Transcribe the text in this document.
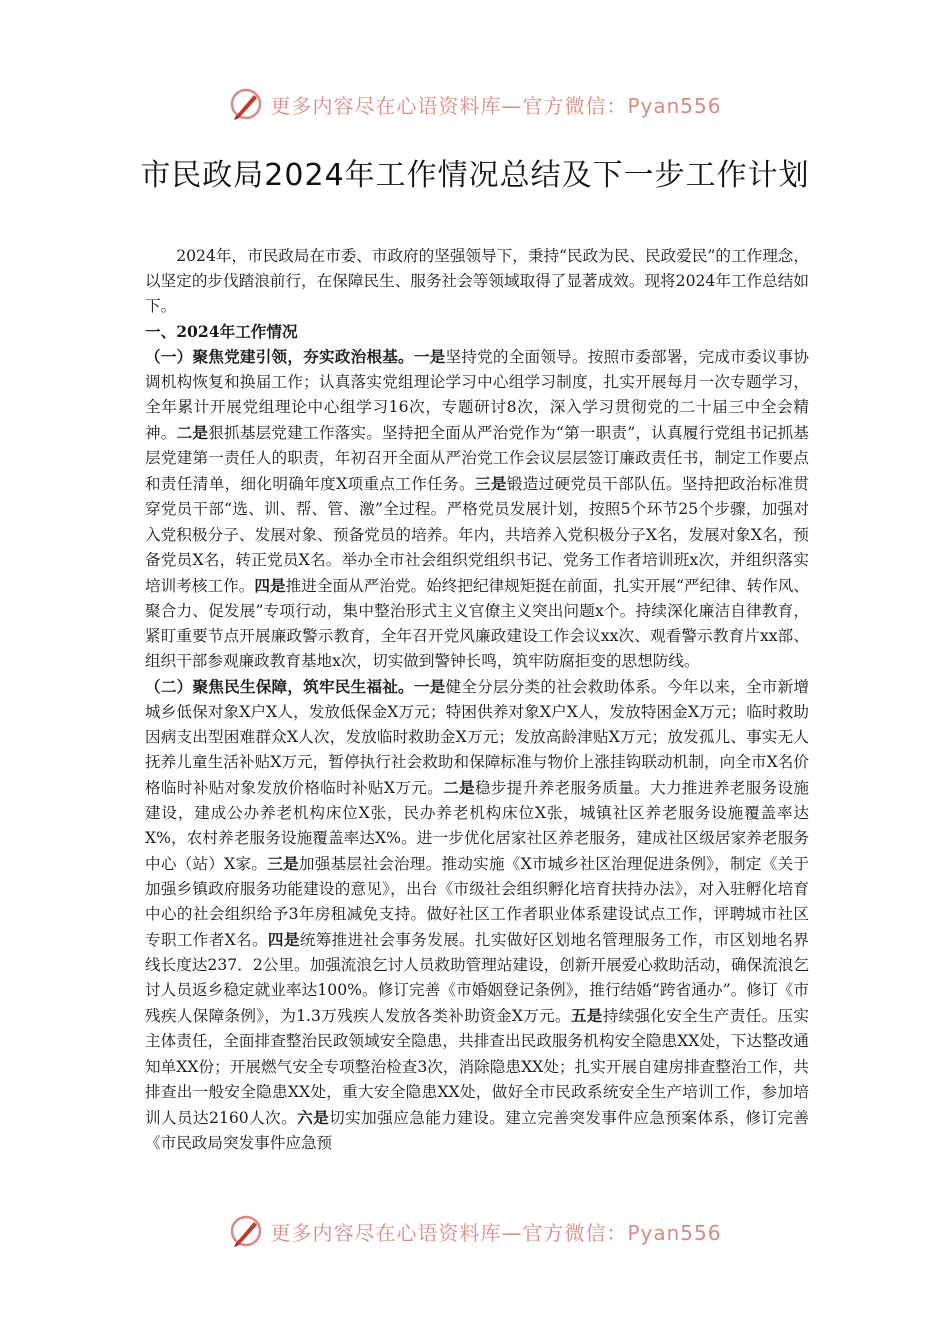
更多内容尽在心语资料库—官方微信：Pyan556
市民政局2024年工作情况总结及下一步工作计划

　　2024年，市民政局在市委、市政府的坚强领导下，秉持“民政为民、民政爱民”的工作理念，以坚定的步伐踏浪前行，在保障民生、服务社会等领域取得了显著成效。现将2024年工作总结如下。

一、2024年工作情况

（一）聚焦党建引领，夯实政治根基。一是坚持党的全面领导。按照市委部署，完成市委议事协调机构恢复和换届工作；认真落实党组理论学习中心组学习制度，扎实开展每月一次专题学习，全年累计开展党组理论中心组学习16次，专题研讨8次，深入学习贯彻党的二十届三中全会精神。二是狠抓基层党建工作落实。坚持把全面从严治党作为“第一职责”，认真履行党组书记抓基层党建第一责任人的职责，年初召开全面从严治党工作会议层层签订廉政责任书，制定工作要点和责任清单，细化明确年度X项重点工作任务。三是锻造过硬党员干部队伍。坚持把政治标准贯穿党员干部“选、训、帮、管、激”全过程。严格党员发展计划，按照5个环节25个步骤，加强对入党积极分子、发展对象、预备党员的培养。年内，共培养入党积极分子X名，发展对象X名，预备党员X名，转正党员X名。举办全市社会组织党组织书记、党务工作者培训班x次，并组织落实培训考核工作。四是推进全面从严治党。始终把纪律规矩挺在前面，扎实开展“严纪律、转作风、聚合力、促发展”专项行动，集中整治形式主义官僚主义突出问题x个。持续深化廉洁自律教育，紧盯重要节点开展廉政警示教育，全年召开党风廉政建设工作会议xx次、观看警示教育片xx部、组织干部参观廉政教育基地x次，切实做到警钟长鸣，筑牢防腐拒变的思想防线。

（二）聚焦民生保障，筑牢民生福祉。一是健全分层分类的社会救助体系。今年以来，全市新增城乡低保对象X户X人，发放低保金X万元；特困供养对象X户X人，发放特困金X万元；临时救助因病支出型困难群众X人次，发放临时救助金X万元；发放高龄津贴X万元；放发孤儿、事实无人抚养儿童生活补贴X万元，暂停执行社会救助和保障标准与物价上涨挂钩联动机制，向全市X名价格临时补贴对象发放价格临时补贴X万元。二是稳步提升养老服务质量。大力推进养老服务设施建设，建成公办养老机构床位X张，民办养老机构床位X张，城镇社区养老服务设施覆盖率达X%，农村养老服务设施覆盖率达X%。进一步优化居家社区养老服务，建成社区级居家养老服务中心（站）X家。三是加强基层社会治理。推动实施《X市城乡社区治理促进条例》，制定《关于加强乡镇政府服务功能建设的意见》，出台《市级社会组织孵化培育扶持办法》，对入驻孵化培育中心的社会组织给予3年房租减免支持。做好社区工作者职业体系建设试点工作，评聘城市社区专职工作者X名。四是统筹推进社会事务发展。扎实做好区划地名管理服务工作，市区划地名界线长度达237．2公里。加强流浪乞讨人员救助管理站建设，创新开展爱心救助活动，确保流浪乞讨人员返乡稳定就业率达100%。修订完善《市婚姻登记条例》，推行结婚“跨省通办”。修订《市残疾人保障条例》，为1.3万残疾人发放各类补助资金X万元。五是持续强化安全生产责任。压实主体责任，全面排查整治民政领域安全隐患，共排查出民政服务机构安全隐患XX处，下达整改通知单XX份；开展燃气安全专项整治检查3次，消除隐患XX处；扎实开展自建房排查整治工作，共排查出一般安全隐患XX处，重大安全隐患XX处，做好全市民政系统安全生产培训工作，参加培训人员达2160人次。六是切实加强应急能力建设。建立完善突发事件应急预案体系，修订完善《市民政局突发事件应急预

更多内容尽在心语资料库—官方微信：Pyan556
